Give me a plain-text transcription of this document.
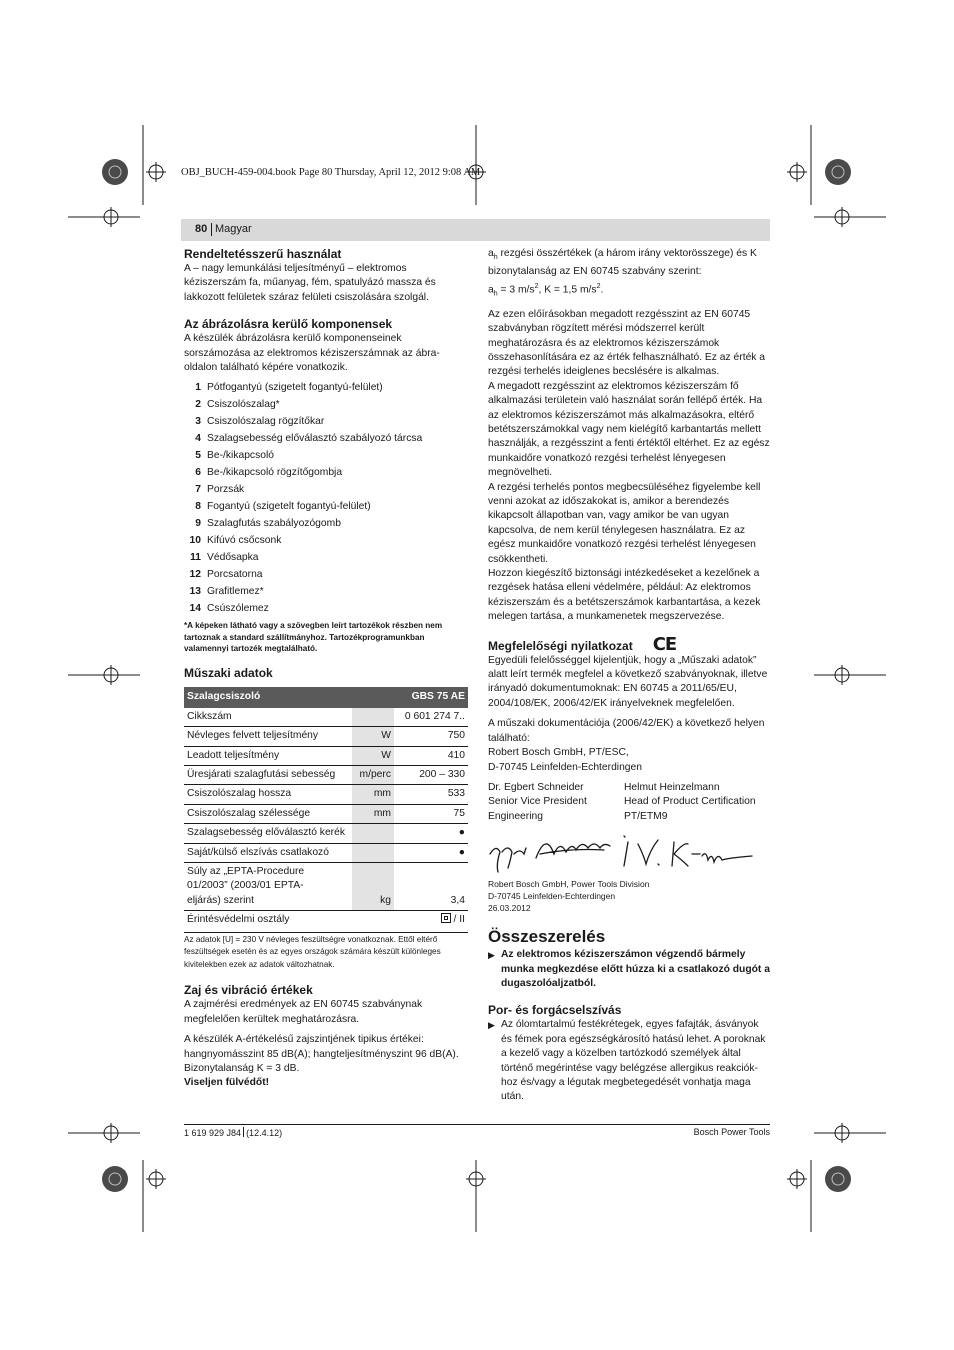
OBJ_BUCH-459-004.book Page 80 Thursday, April 12, 2012 9:08 AM
80 Magyar

Rendeltetésszerű használat

A – nagy lemunkálási teljesítményű – elektromos kéziszerszám fa, műanyag, fém, spatulyázó massza és lakkozott felületek száraz felületi csiszolására szolgál.

Az ábrázolásra kerülő komponensek

A készülék ábrázolásra kerülő komponenseinek sorszámozása az elektromos kéziszerszámnak az ábra-oldalon található képére vonatkozik.

1 Pótfogantyú (szigetelt fogantyú-felület)
2 Csiszolószalag*
3 Csiszolószalag rögzítőkar
4 Szalagsebesség előválasztó szabályozó tárcsa
5 Be-/kikapcsoló
6 Be-/kikapcsoló rögzítőgombja
7 Porzsák
8 Fogantyú (szigetelt fogantyú-felület)
9 Szalagfutás szabályozógomb
10 Kifúvó csőcsonk
11 Védősapka
12 Porcsatorna
13 Grafitlemez*
14 Csúszólemez

*A képeken látható vagy a szövegben leírt tartozékok részben nem tartoznak a standard szállítmányhoz. Tartozékprogramunkban valamennyi tartozék megtalálható.

Műszaki adatok

Szalagcsiszoló		GBS 75 AE
Cikkszám		0 601 274 7..
Névleges felvett teljesítmény	W	750
Leadott teljesítmény	W	410
Üresjárati szalagfutási sebesség	m/perc	200 – 330
Csiszolószalag hossza	mm	533
Csiszolószalag szélessége	mm	75
Szalagsebesség előválasztó kerék		●
Saját/külső elszívás csatlakozó		●
Súly az „EPTA-Procedure 01/2003” (2003/01 EPTA-eljárás) szerint	kg	3,4
Érintésvédelmi osztály		/ II
Az adatok [U] = 230 V névleges feszültségre vonatkoznak. Ettől eltérő feszültségek esetén és az egyes országok számára készült különleges kivitelekben ezek az adatok változhatnak.

Zaj és vibráció értékek

A zajmérési eredmények az EN 60745 szabványnak megfelelően kerültek meghatározásra.

A készülék A-értékelésű zajszintjének tipikus értékei: hangnyomásszint 85 dB(A); hangteljesítményszint 96 dB(A). Bizonytalanság K = 3 dB.

Viseljen fülvédőt!

$a_h$ rezgési összértékek (a három irány vektorösszege) és K bizonytalanság az EN 60745 szabvány szerint:
$a_h = 3$ $m/s^2$, K = 1,5 $m/s^2$.

Az ezen előírásokban megadott rezgésszint az EN 60745 szabványban rögzített mérési módszerrel került meghatározásra és az elektromos kéziszerszámok összehasonlítására ez az érték felhasználható. Ez az érték a rezgési terhelés ideiglenes becslésére is alkalmas.

A megadott rezgésszint az elektromos kéziszerszám fő alkalmazási területein való használat során fellépő érték. Ha az elektromos kéziszerszámot más alkalmazásokra, eltérő betétszerszámokkal vagy nem kielégítő karbantartás mellett használják, a rezgésszint a fenti értéktől eltérhet. Ez az egész munkaidőre vonatkozó rezgési terhelést lényegesen megnövelheti.

A rezgési terhelés pontos megbecsüléséhez figyelembe kell venni azokat az időszakokat is, amikor a berendezés kikapcsolt állapotban van, vagy amikor be van ugyan kapcsolva, de nem kerül ténylegesen használatra. Ez az egész munkaidőre vonatkozó rezgési terhelést lényegesen csökkentheti.

Hozzon kiegészítő biztonsági intézkedéseket a kezelőnek a rezgések hatása elleni védelmére, például: Az elektromos kéziszerszám és a betétszerszámok karbantartása, a kezek melegen tartása, a munkamenetek megszervezése.

Megfelelőségi nyilatkozat CE

Egyedüli felelősséggel kijelentjük, hogy a „Műszaki adatok” alatt leírt termék megfelel a következő szabványoknak, illetve irányadó dokumentumoknak: EN 60745 a 2011/65/EU, 2004/108/EK, 2006/42/EK irányelveknek megfelelően.

A műszaki dokumentációja (2006/42/EK) a következő helyen található:

Robert Bosch GmbH, PT/ESC,

D-70745 Leinfelden-Echterdingen

Dr. Egbert Schneider
Senior Vice President
Engineering
Helmut Heinzelmann
Head of Product Certification
PT/ETM9
Robert Bosch GmbH, Power Tools Division
D-70745 Leinfelden-Echterdingen
26.03.2012

Összeszerelés

▶ Az elektromos kéziszerszámon végzendő bármely munka megkezdése előtt húzza ki a csatlakozó dugót a dugaszolóaljzatból.

Por- és forgácselszívás

▶ Az ólomtartalmú festékrétegek, egyes fafajták, ásványok és fémek pora egészségkárosító hatású lehet. A poroknak a kezelő vagy a közelben tartózkodó személyek által történő megérintése vagy belégzése allergikus reakciók-hoz és/vagy a légutak megbetegedését vonhatja maga után.
1 619 929 J84 (12.4.12)	Bosch Power Tools
